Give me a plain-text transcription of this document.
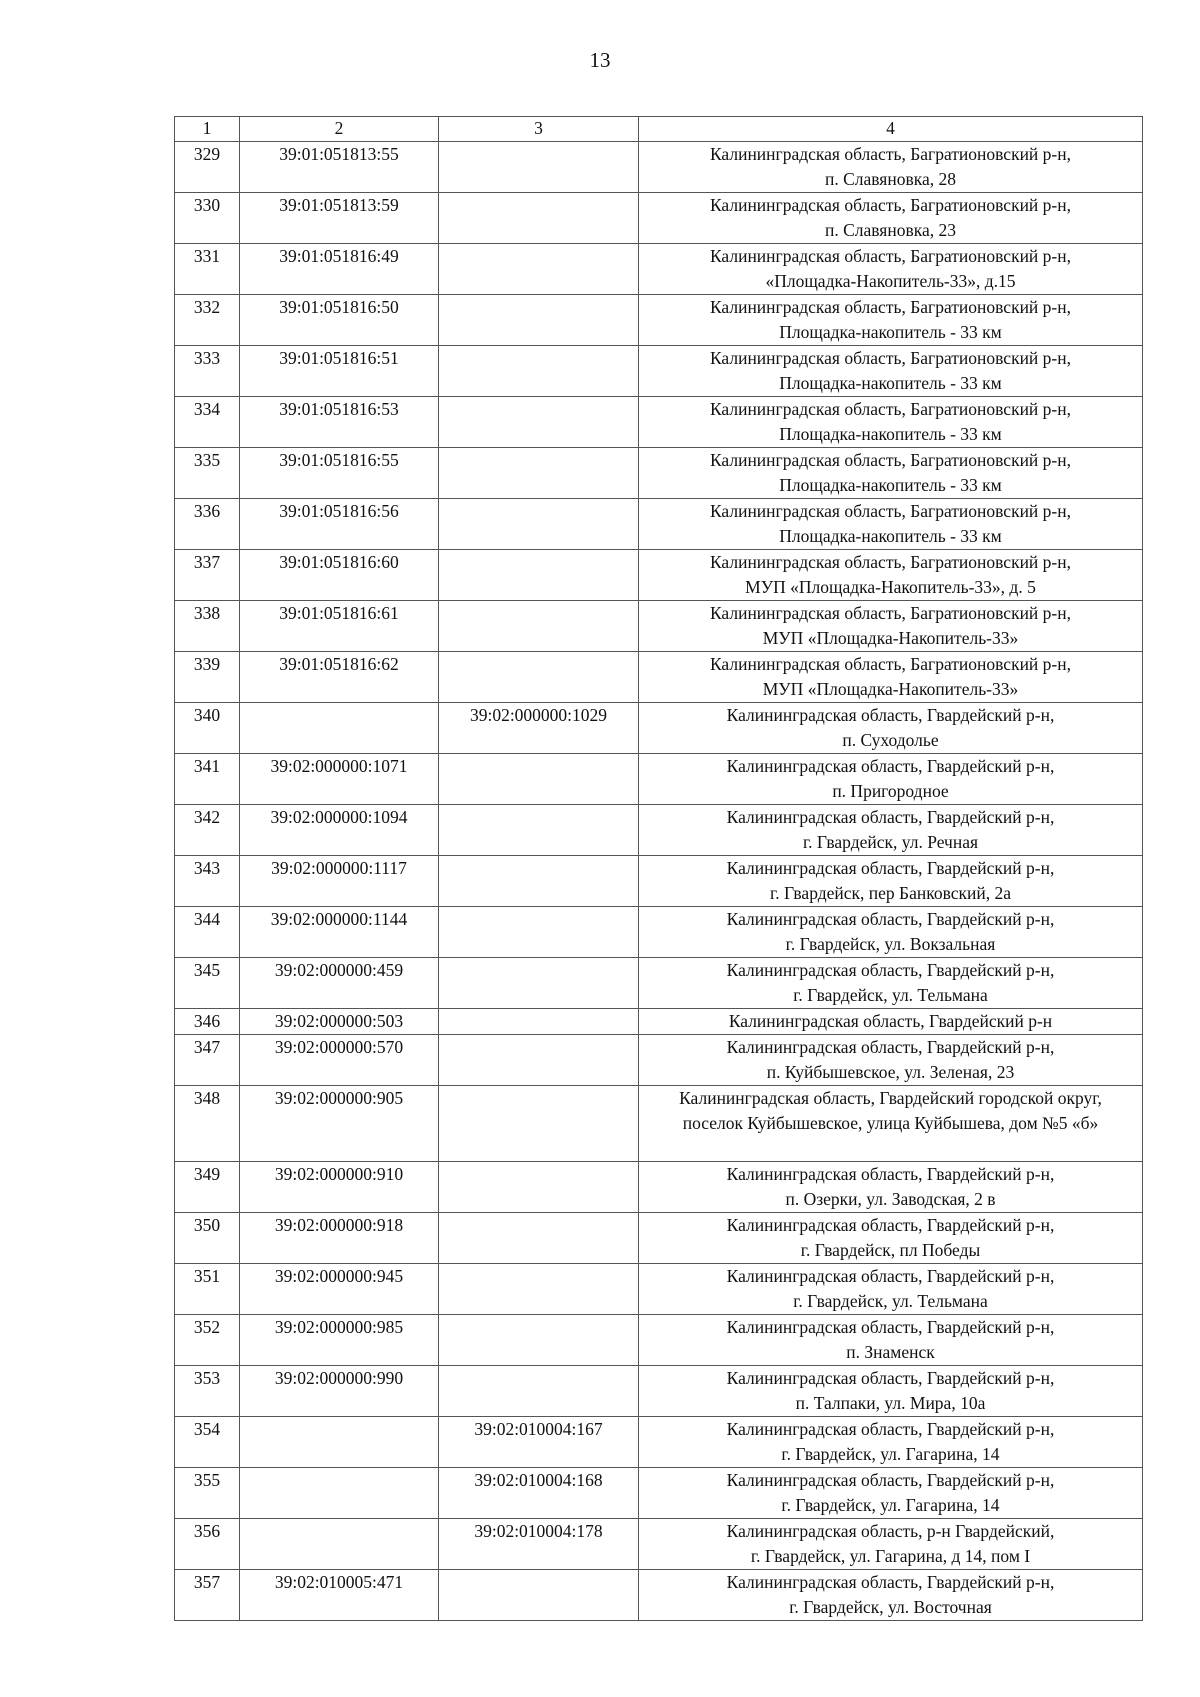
13
1	2	3	4
329	39:01:051813:55		Калининградская область, Багратионовский р-н,
п. Славяновка, 28

330	39:01:051813:59		Калининградская область, Багратионовский р-н,
п. Славяновка, 23

331	39:01:051816:49		Калининградская область, Багратионовский р-н,
«Площадка-Накопитель-33», д.15

332	39:01:051816:50		Калининградская область, Багратионовский р-н,
Площадка-накопитель - 33 км

333	39:01:051816:51		Калининградская область, Багратионовский р-н,
Площадка-накопитель - 33 км

334	39:01:051816:53		Калининградская область, Багратионовский р-н,
Площадка-накопитель - 33 км

335	39:01:051816:55		Калининградская область, Багратионовский р-н,
Площадка-накопитель - 33 км

336	39:01:051816:56		Калининградская область, Багратионовский р-н,
Площадка-накопитель - 33 км

337	39:01:051816:60		Калининградская область, Багратионовский р-н,
МУП «Площадка-Накопитель-33», д. 5

338	39:01:051816:61		Калининградская область, Багратионовский р-н,
МУП «Площадка-Накопитель-33»

339	39:01:051816:62		Калининградская область, Багратионовский р-н,
МУП «Площадка-Накопитель-33»

340		39:02:000000:1029	Калининградская область, Гвардейский р-н,
п. Суходолье

341	39:02:000000:1071		Калининградская область, Гвардейский р-н,
п. Пригородное

342	39:02:000000:1094		Калининградская область, Гвардейский р-н,
г. Гвардейск, ул. Речная

343	39:02:000000:1117		Калининградская область, Гвардейский р-н,
г. Гвардейск, пер Банковский, 2а

344	39:02:000000:1144		Калининградская область, Гвардейский р-н,
г. Гвардейск, ул. Вокзальная

345	39:02:000000:459		Калининградская область, Гвардейский р-н,
г. Гвардейск, ул. Тельмана

346	39:02:000000:503		Калининградская область, Гвардейский р-н

347	39:02:000000:570		Калининградская область, Гвардейский р-н,
п. Куйбышевское, ул. Зеленая, 23

348	39:02:000000:905		Калининградская область, Гвардейский городской округ,
поселок Куйбышевское, улица Куйбышева, дом №5 «б»

349	39:02:000000:910		Калининградская область, Гвардейский р-н,
п. Озерки, ул. Заводская, 2 в

350	39:02:000000:918		Калининградская область, Гвардейский р-н,
г. Гвардейск, пл Победы

351	39:02:000000:945		Калининградская область, Гвардейский р-н,
г. Гвардейск, ул. Тельмана

352	39:02:000000:985		Калининградская область, Гвардейский р-н,
п. Знаменск

353	39:02:000000:990		Калининградская область, Гвардейский р-н,
п. Талпаки, ул. Мира, 10а

354		39:02:010004:167	Калининградская область, Гвардейский р-н,
г. Гвардейск, ул. Гагарина, 14

355		39:02:010004:168	Калининградская область, Гвардейский р-н,
г. Гвардейск, ул. Гагарина, 14

356		39:02:010004:178	Калининградская область, р-н Гвардейский,
г. Гвардейск, ул. Гагарина, д 14, пом I

357	39:02:010005:471		Калининградская область, Гвардейский р-н,
г. Гвардейск, ул. Восточная
